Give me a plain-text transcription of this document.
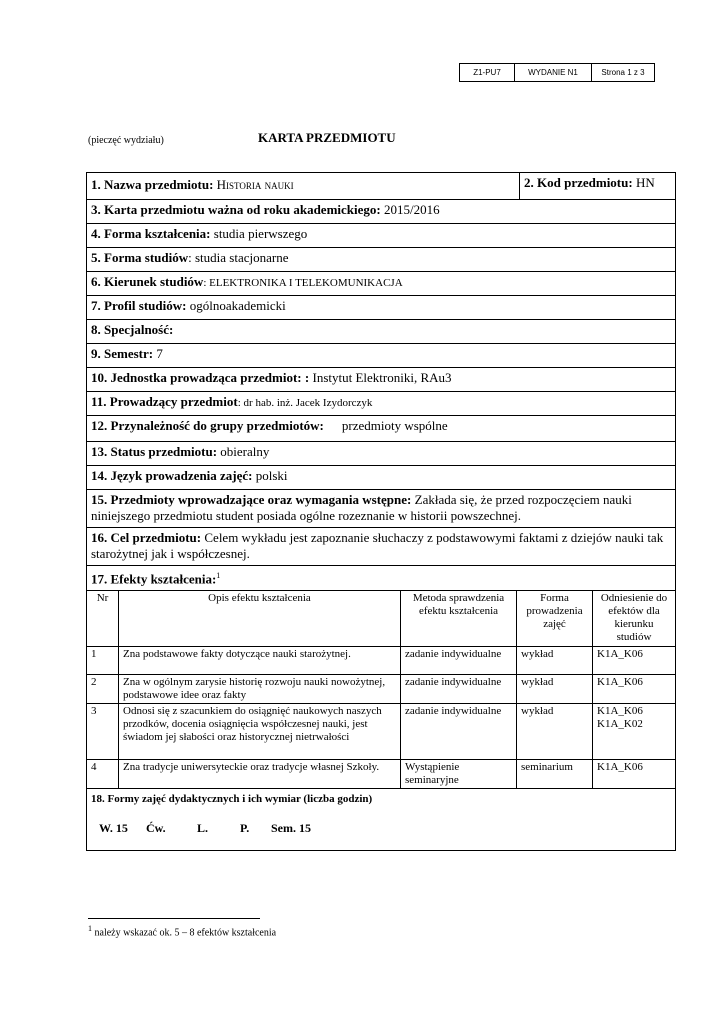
Z1-PU7	WYDANIE N1	Strona 1 z 3
(pieczęć wydziału)	KARTA PRZEDMIOTU
1. Nazwa przedmiotu: Historia nauki	2. Kod przedmiotu: HN
3. Karta przedmiotu ważna od roku akademickiego: 2015/2016
4. Forma kształcenia: studia pierwszego
5. Forma studiów: studia stacjonarne
6. Kierunek studiów: ELEKTRONIKA I TELEKOMUNIKACJA
7. Profil studiów: ogólnoakademicki
8. Specjalność:
9. Semestr: 7
10. Jednostka prowadząca przedmiot: : Instytut Elektroniki, RAu3
11. Prowadzący przedmiot: dr hab. inż. Jacek Izydorczyk
12. Przynależność do grupy przedmiotów: przedmioty wspólne
13. Status przedmiotu: obieralny
14. Język prowadzenia zajęć: polski
15. Przedmioty wprowadzające oraz wymagania wstępne: Zakłada się, że przed rozpoczęciem nauki niniejszego przedmiotu student posiada ogólne rozeznanie w historii powszechnej.
16. Cel przedmiotu: Celem wykładu jest zapoznanie słuchaczy z podstawowymi faktami z dziejów nauki tak starożytnej jak i współczesnej.
17. Efekty kształcenia:$^1$
Nr	Opis efektu kształcenia	Metoda sprawdzenia efektu kształcenia	Forma prowadzenia zajęć	Odniesienie do efektów dla kierunku studiów
1	Zna podstawowe fakty dotyczące nauki starożytnej.	zadanie indywidualne	wykład	K1A_K06
2	Zna w ogólnym zarysie historię rozwoju nauki nowożytnej, podstawowe idee oraz fakty	zadanie indywidualne	wykład	K1A_K06
3	Odnosi się z szacunkiem do osiągnięć naukowych naszych przodków, docenia osiągnięcia współczesnej nauki, jest świadom jej słabości oraz historycznej nietrwałości	zadanie indywidualne	wykład	K1A_K06
K1A_K02

4	Zna tradycje uniwersyteckie oraz tradycje własnej Szkoły.	Wystąpienie seminaryjne	seminarium	K1A_K06
18. Formy zajęć dydaktycznych i ich wymiar (liczba godzin)
W. 15 Ćw.	L.	P. Sem. 15
$^1$ należy wskazać ok. 5 – 8 efektów kształcenia
